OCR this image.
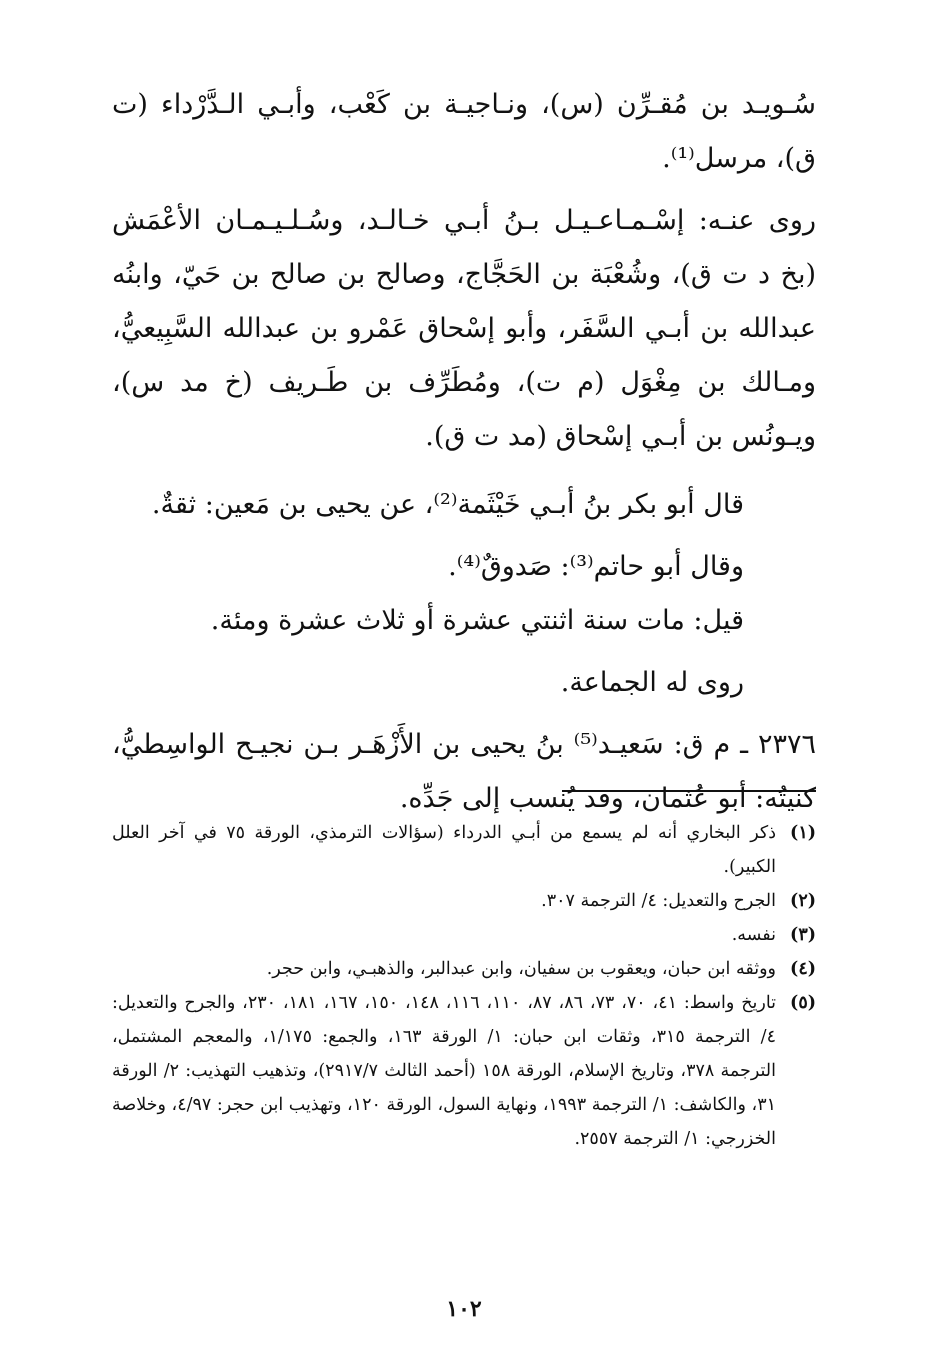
سُـويـد بن مُقـرِّن (س)، ونـاجيـة بن كَعْب، وأبـي الـدَّرْداء (ت ق)، مرسل⁽¹⁾.

روى عنـه: إسْـمـاعـيـل بـنُ أبـي خـالـد، وسُـلـيـمـان الأعْمَش (بخ د ت ق)، وشُعْبَة بن الحَجَّاج، وصالح بن صالح بن حَيّ، وابنُه عبدالله بن أبـي السَّفَر، وأبو إسْحاق عَمْرو بن عبدالله السَّبِيعيُّ، ومـالك بن مِغْوَل (م ت)، ومُطَرِّف بن طَـريف (خ مد س)، ويـونُس بن أبـي إسْحاق (مد ت ق).

قال أبو بكر بنُ أبـي خَيْثَمة⁽²⁾، عن يحيى بن مَعين: ثقةٌ.

وقال أبو حاتم⁽³⁾: صَدوقٌ⁽⁴⁾.

قيل: مات سنة اثنتي عشرة أو ثلاث عشرة ومئة.

روى له الجماعة.

٢٣٧٦ ـ م ق: سَعيـد⁽⁵⁾ بنُ يحيى بن الأَزْهَـر بـن نجيـح الواسِطيُّ، كنيتُه: أبو عُثمان، وقد يُنسب إلى جَدِّه.

(١)
ذكر البخاري أنه لم يسمع من أبـي الدرداء (سؤالات الترمذي، الورقة ٧٥ في آخر العلل الكبير).
(٢)
الجرح والتعديل: ٤/ الترجمة ٣٠٧.
(٣)
نفسه.
(٤)
ووثقه ابن حبان، ويعقوب بن سفيان، وابن عبدالبر، والذهبـي، وابن حجر.
(٥)
تاريخ واسط: ٤١، ٧٠، ٧٣، ٨٦، ٨٧، ١١٠، ١١٦، ١٤٨، ١٥٠، ١٦٧، ١٨١، ٢٣٠، والجرح والتعديل: ٤/ الترجمة ٣١٥، وثقات ابن حبان: ١/ الورقة ١٦٣، والجمع: ١/١٧٥، والمعجم المشتمل، الترجمة ٣٧٨، وتاريخ الإسلام، الورقة ١٥٨ (أحمد الثالث ٢٩١٧/٧)، وتذهيب التهذيب: ٢/ الورقة ٣١، والكاشف: ١/ الترجمة ١٩٩٣، ونهاية السول، الورقة ١٢٠، وتهذيب ابن حجر: ٤/٩٧، وخلاصة الخزرجي: ١/ الترجمة ٢٥٥٧.
١٠٢
